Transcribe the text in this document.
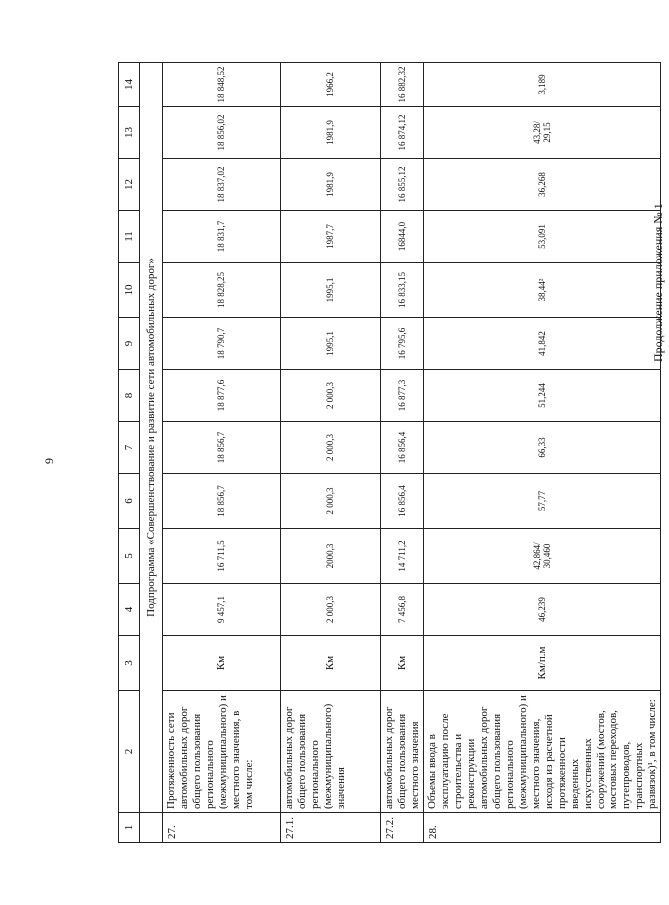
9
Продолжение приложения № 1
1	2	3	4	5	6	7	8	9	10	11	12	13	14
	Подпрограмма «Совершенствование и развитие сети автомобильных дорог»												
27.	Протяженность сети автомобильных дорог общего пользования регионального (межмуниципального) и местного значения, в том числе:	Км	9 457,1	16 711,5	18 856,7	18 856,7	18 877,6	18 790,7	18 828,25	18 831,7	18 837,02	18 856,02	18 848,52
27.1.	автомобильных дорог общего пользования регионального (межмуниципального) значения	Км	2 000,3	2000,3	2 000,3	2 000,3	2 000,3	1995,1	1995,1	1987,7	1981,9	1981,9	1966,2
27.2.	автомобильных дорог общего пользования местного значения	Км	7 456,8	14 711,2	16 856,4	16 856,4	16 877,3	16 795,6	16 833,15	16844,0	16 855,12	16 874,12	16 882,32
28.	Объемы ввода в эксплуатацию после строительства и реконструкции автомобильных дорог общего пользования регионального (межмуниципального) и местного значения, исходя из расчетной протяженности введенных искусственных сооружений (мостов, мостовых переходов, путепроводов, транспортных развязок)¹, в том числе:	Км/п.м	46,239	42,864/ 30,460	57,77	66,33	51,244	41,842	38,44²	53,091	36,268	43,28/ 29,15	3,189
